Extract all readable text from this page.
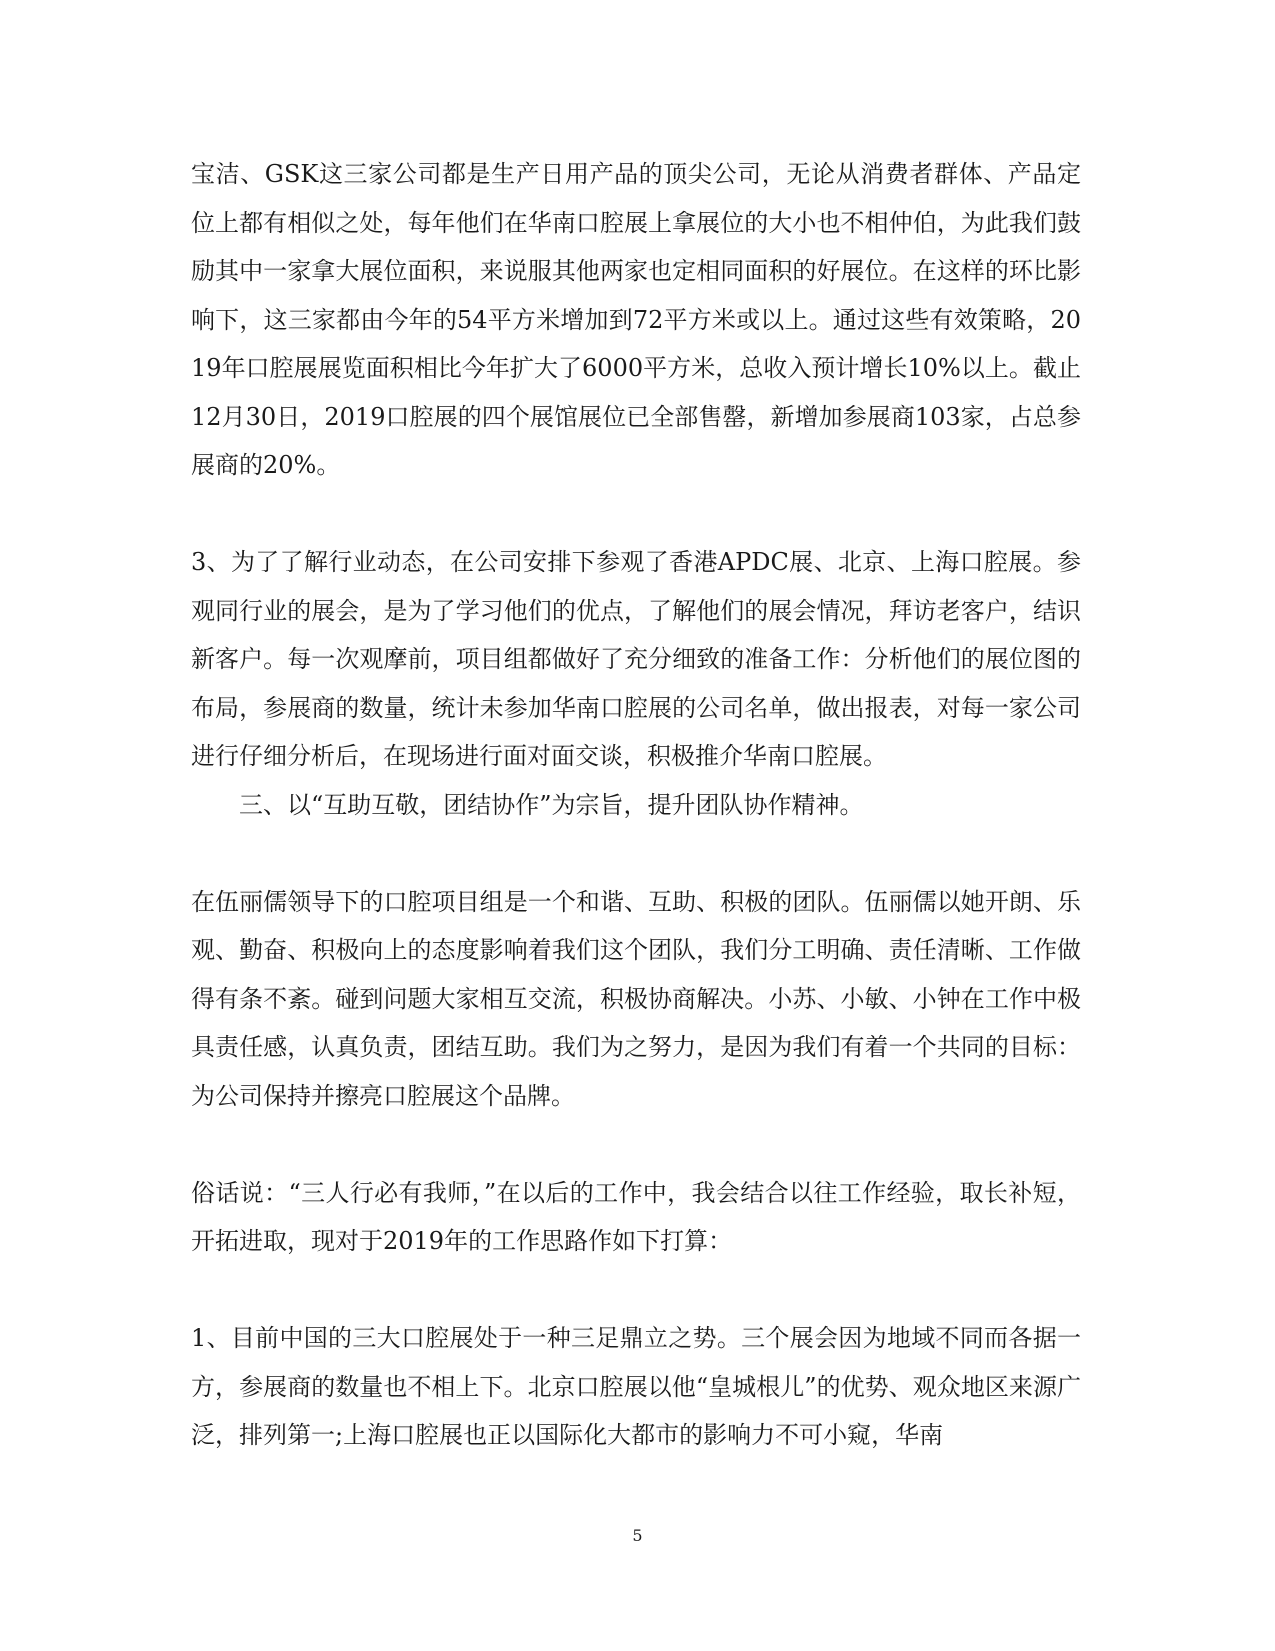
宝洁、GSK这三家公司都是生产日用产品的顶尖公司，无论从消费者群体、产品定位上都有相似之处，每年他们在华南口腔展上拿展位的大小也不相仲伯，为此我们鼓励其中一家拿大展位面积，来说服其他两家也定相同面积的好展位。在这样的环比影响下，这三家都由今年的54平方米增加到72平方米或以上。通过这些有效策略，2019年口腔展展览面积相比今年扩大了6000平方米，总收入预计增长10%以上。截止12月30日，2019口腔展的四个展馆展位已全部售罄，新增加参展商103家，占总参展商的20%。

3、为了了解行业动态，在公司安排下参观了香港APDC展、北京、上海口腔展。参观同行业的展会，是为了学习他们的优点，了解他们的展会情况，拜访老客户，结识新客户。每一次观摩前，项目组都做好了充分细致的准备工作：分析他们的展位图的布局，参展商的数量，统计未参加华南口腔展的公司名单，做出报表，对每一家公司进行仔细分析后，在现场进行面对面交谈，积极推介华南口腔展。

三、以“互助互敬，团结协作”为宗旨，提升团队协作精神。

在伍丽儒领导下的口腔项目组是一个和谐、互助、积极的团队。伍丽儒以她开朗、乐观、勤奋、积极向上的态度影响着我们这个团队，我们分工明确、责任清晰、工作做得有条不紊。碰到问题大家相互交流，积极协商解决。小苏、小敏、小钟在工作中极具责任感，认真负责，团结互助。我们为之努力，是因为我们有着一个共同的目标：为公司保持并擦亮口腔展这个品牌。

俗话说：“三人行必有我师，”在以后的工作中，我会结合以往工作经验，取长补短，开拓进取，现对于2019年的工作思路作如下打算：

1、目前中国的三大口腔展处于一种三足鼎立之势。三个展会因为地域不同而各据一方，参展商的数量也不相上下。北京口腔展以他“皇城根儿”的优势、观众地区来源广泛，排列第一;上海口腔展也正以国际化大都市的影响力不可小窥，华南

5
